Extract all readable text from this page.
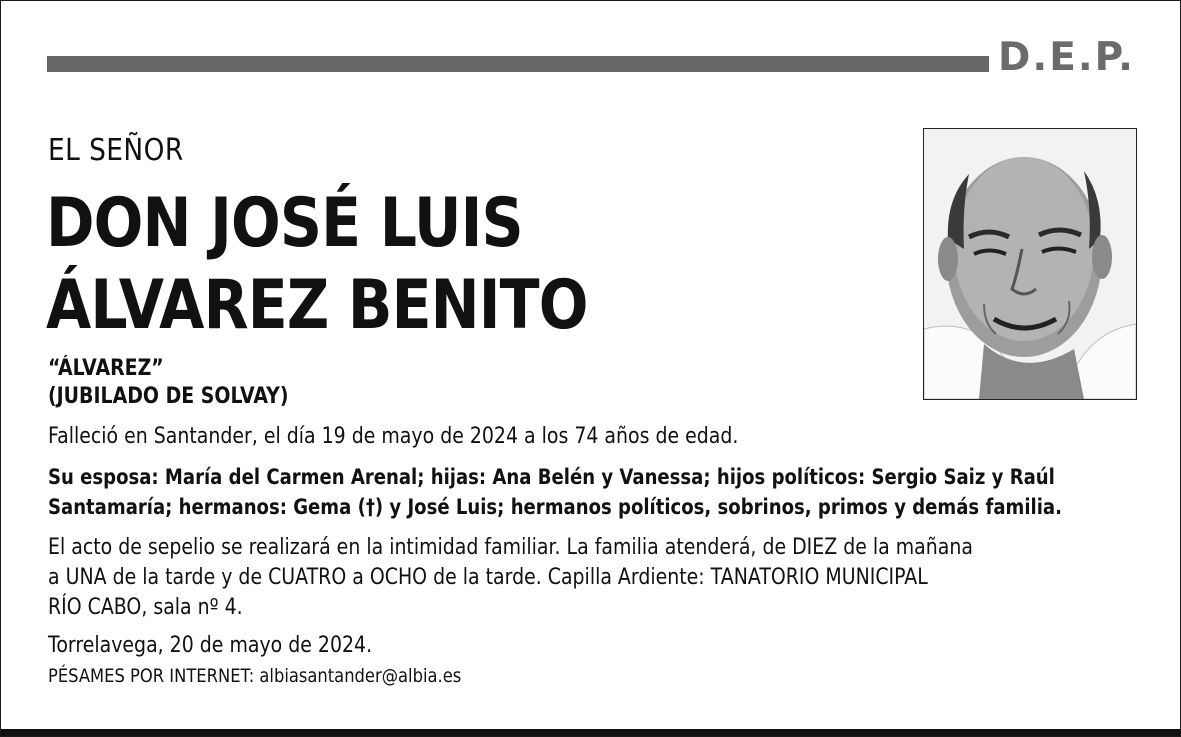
D.E.P.
EL SEÑOR
DON JOSÉ LUIS
ÁLVAREZ BENITO
“ÁLVAREZ”
(JUBILADO DE SOLVAY)
Falleció en Santander, el día 19 de mayo de 2024 a los 74 años de edad.
Su esposa: María del Carmen Arenal; hijas: Ana Belén y Vanessa; hijos políticos: Sergio Saiz y Raúl
Santamaría; hermanos: Gema (†) y José Luis; hermanos políticos, sobrinos, primos y demás familia.
El acto de sepelio se realizará en la intimidad familiar. La familia atenderá, de DIEZ de la mañana
a UNA de la tarde y de CUATRO a OCHO de la tarde. Capilla Ardiente: TANATORIO MUNICIPAL
RÍO CABO, sala nº 4.
Torrelavega, 20 de mayo de 2024.
PÉSAMES POR INTERNET: albiasantander@albia.es
